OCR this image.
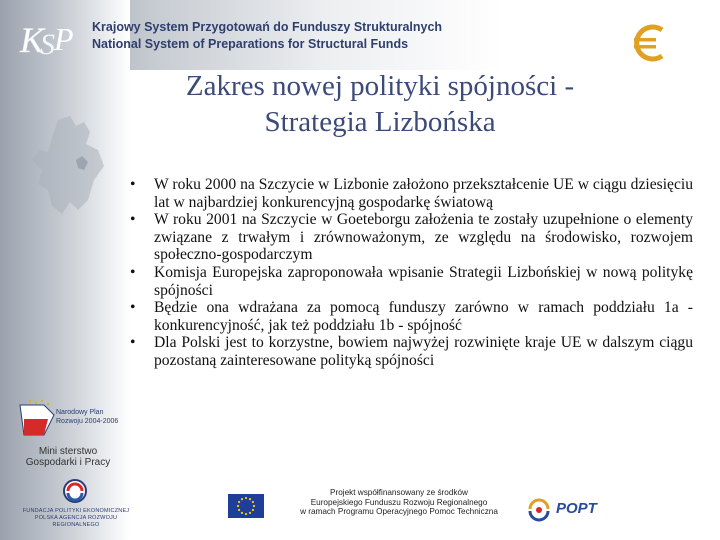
K
S P Krajowy System Przygotowań do Funduszy Strukturalnych
National System of Preparations for Structural Funds
Zakres nowej polityki spójności -
Strategia Lizbońska
• W roku 2000 na Szczycie w Lizbonie założono przekształcenie UE w ciągu dziesięciu lat w najbardziej konkurencyjną gospodarkę światową
• W roku 2001 na Szczycie w Goeteborgu założenia te zostały uzupełnione o elementy związane z trwałym i zrównoważonym, ze względu na środowisko, rozwojem społeczno-gospodarczym
• Komisja Europejska zaproponowała wpisanie Strategii Lizbońskiej w nową politykę spójności
• Będzie ona wdrażana za pomocą funduszy zarówno w ramach poddziału 1a - konkurencyjność, jak też poddziału 1b - spójność
• Dla Polski jest to korzystne, bowiem najwyżej rozwinięte kraje UE w dalszym ciągu pozostaną zainteresowane polityką spójności
Narodowy Plan
Rozwoju 2004-2006
Mini sterstwo
Gospodarki i Pracy
FUNDACJA POLITYKI EKONOMICZNEJ
POLSKA AGENCJA ROZWOJU REGIONALNEGO
Projekt współfinansowany ze środków
Europejskiego Funduszu Rozwoju Regionalnego
w ramach Programu Operacyjnego Pomoc Techniczna	POPT
